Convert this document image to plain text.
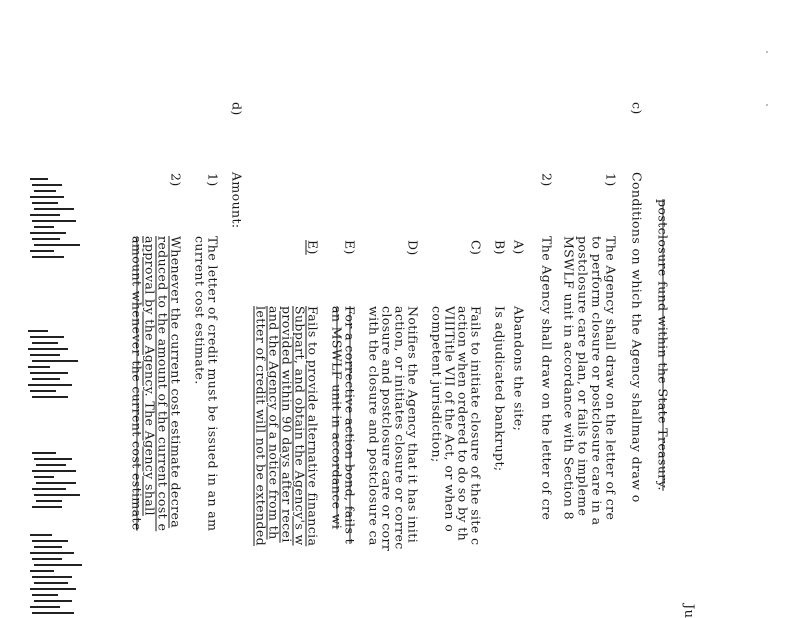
Ju
c)
Conditions on which the Agency shallmay draw o postclosure fund within the State Treasury.
1)
The Agency shall draw on the letter of cre
to perform closure or postclosure care in a
postclosure care plan, or fails to impleme
MSWLF unit in accordance with Section 8
2)
The Agency shall draw on the letter of cre
A)
Abandons the site;
B)
Is adjudicated bankrupt;
C)
Fails to initiate closure of the site c
action when ordered to do so by th
VIIITitle VII of the Act, or when o
competent jurisdiction;
D)
Notifies the Agency that it has initi
action, or initiates closure or correc
closure and postclosure care or corr
with the closure and postclosure ca
E)
For a corrective action bond, fails t
an MSWLF unit in accordance wi
E)
Fails to provide alternative financia
Subpart, and obtain the Agency's w
provided within 90 days after recei
and the Agency of a notice from th
letter of credit will not be extended
d)
Amount:
1)
The letter of credit must be issued in an am
current cost estimate.
2)
Whenever the current cost estimate decrea
reduced to the amount of the current cost e
approval by the Agency. The Agency shall
amount whenever the current cost estimate
